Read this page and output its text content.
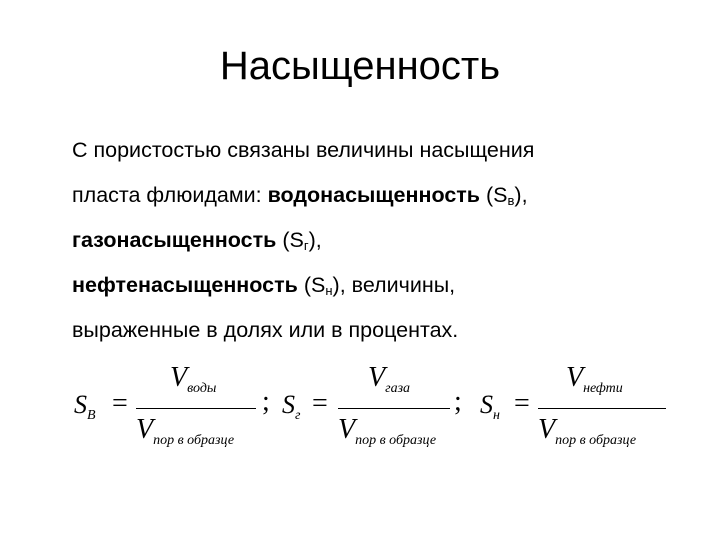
Насыщенность
С пористостью связаны величины насыщения
пласта флюидами: водонасыщенность $(S_в)$,
газонасыщенность $(S_г)$,
нефтенасыщенность $(S_н)$, величины,
выраженные в долях или в процентах.
$S_В$ =
$V_{воды}$
$V_{пор в образце}$
; $S_г$ =
$V_{газа}$
$V_{пор в образце}$
; $S_н$ =
$V_{нефти}$
$V_{пор в образце}$
